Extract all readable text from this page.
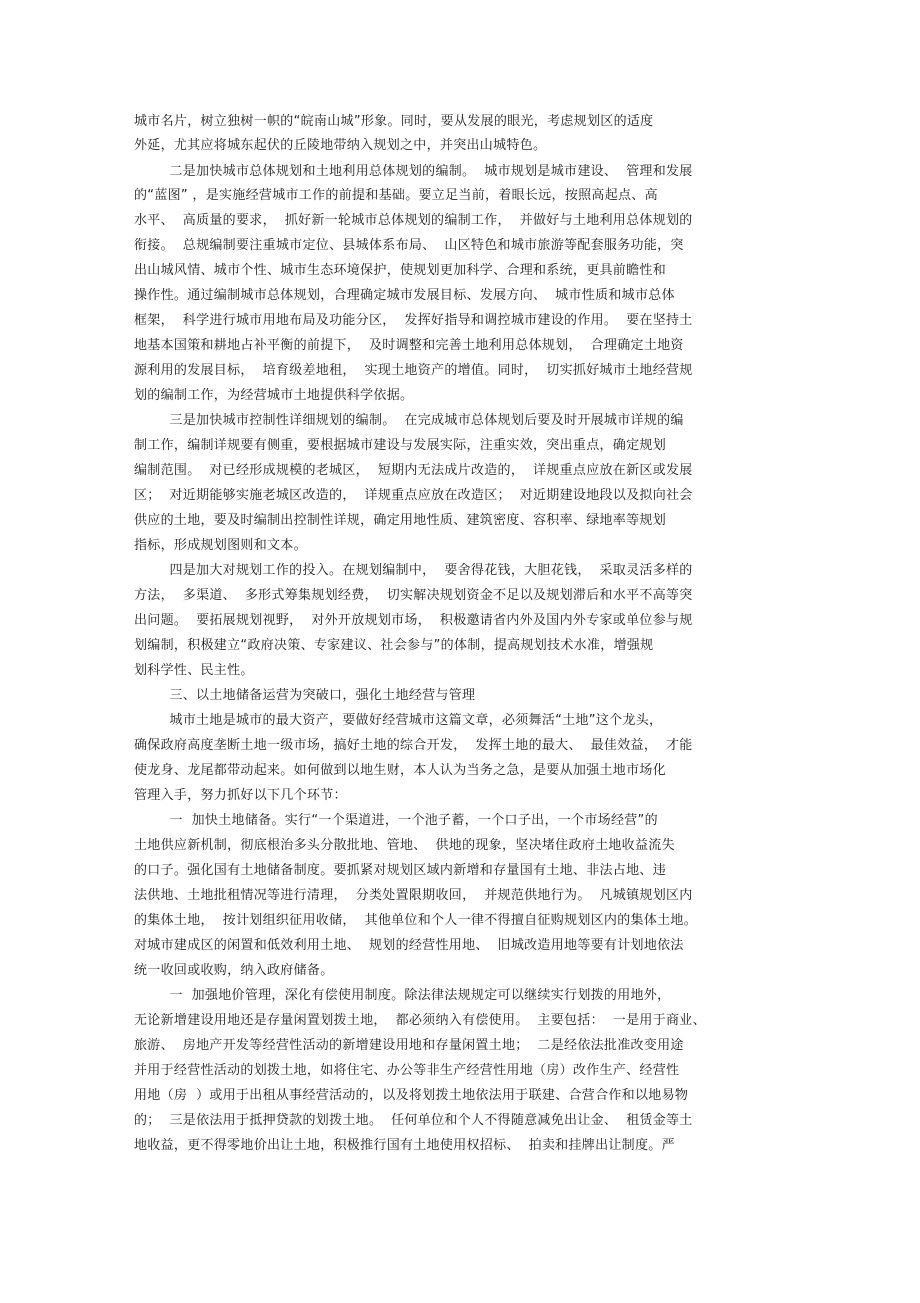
城市名片，树立独树一帜的“皖南山城”形象。同时，要从发展的眼光，考虑规划区的适度
外延，尤其应将城东起伏的丘陵地带纳入规划之中，并突出山城特色。
二是加快城市总体规划和土地利用总体规划的编制。  城市规划是城市建设、  管理和发展
的“蓝图” ，是实施经营城市工作的前提和基础。要立足当前，着眼长远，按照高起点、高
水平、  高质量的要求，  抓好新一轮城市总体规划的编制工作，  并做好与土地利用总体规划的
衔接。  总规编制要注重城市定位、县城体系布局、  山区特色和城市旅游等配套服务功能，突
出山城风情、城市个性、城市生态环境保护，使规划更加科学、合理和系统，更具前瞻性和
操作性。通过编制城市总体规划，合理确定城市发展目标、发展方向、  城市性质和城市总体
框架，  科学进行城市用地布局及功能分区，  发挥好指导和调控城市建设的作用。  要在坚持土
地基本国策和耕地占补平衡的前提下，  及时调整和完善土地利用总体规划，  合理确定土地资
源利用的发展目标，  培育级差地租，  实现土地资产的增值。同时，  切实抓好城市土地经营规
划的编制工作，为经营城市土地提供科学依据。
三是加快城市控制性详细规划的编制。  在完成城市总体规划后要及时开展城市详规的编
制工作，编制详规要有侧重，要根据城市建设与发展实际，注重实效，突出重点，确定规划
编制范围。  对已经形成规模的老城区，  短期内无法成片改造的，  详规重点应放在新区或发展
区；  对近期能够实施老城区改造的，  详规重点应放在改造区；  对近期建设地段以及拟向社会
供应的土地，要及时编制出控制性详规，确定用地性质、建筑密度、容积率、绿地率等规划
指标，形成规划图则和文本。
四是加大对规划工作的投入。在规划编制中，  要舍得花钱，大胆花钱，  采取灵活多样的
方法，  多渠道、  多形式筹集规划经费，  切实解决规划资金不足以及规划滞后和水平不高等突
出问题。  要拓展规划视野，  对外开放规划市场，  积极邀请省内外及国内外专家或单位参与规
划编制，积极建立“政府决策、专家建议、社会参与”的体制，提高规划技术水准，增强规
划科学性、民主性。
三、以土地储备运营为突破口，强化土地经营与管理
城市土地是城市的最大资产，要做好经营城市这篇文章，必须舞活“土地”这个龙头，
确保政府高度垄断土地一级市场，搞好土地的综合开发，  发挥土地的最大、  最佳效益，  才能
使龙身、龙尾都带动起来。如何做到以地生财，本人认为当务之急，是要从加强土地市场化
管理入手，努力抓好以下几个环节：
一  加快土地储备。实行“一个渠道进，一个池子蓄，一个口子出，一个市场经营”的
土地供应新机制，彻底根治多头分散批地、管地、  供地的现象，坚决堵住政府土地收益流失
的口子。强化国有土地储备制度。要抓紧对规划区域内新增和存量国有土地、非法占地、违
法供地、土地批租情况等进行清理，  分类处置限期收回，  并规范供地行为。  凡城镇规划区内
的集体土地，  按计划组织征用收储，  其他单位和个人一律不得擅自征购规划区内的集体土地。
对城市建成区的闲置和低效利用土地、  规划的经营性用地、  旧城改造用地等要有计划地依法
统一收回或收购，纳入政府储备。
一  加强地价管理，深化有偿使用制度。除法律法规规定可以继续实行划拨的用地外，
无论新增建设用地还是存量闲置划拨土地，  都必须纳入有偿使用。  主要包括：  一是用于商业、
旅游、  房地产开发等经营性活动的新增建设用地和存量闲置土地；  二是经依法批准改变用途
并用于经营性活动的划拨土地，如将住宅、办公等非生产经营性用地（房）改作生产、经营性
用地（房  ）或用于出租从事经营活动的，以及将划拨土地依法用于联建、合营合作和以地易物
的；  三是依法用于抵押贷款的划拨土地。  任何单位和个人不得随意减免出让金、  租赁金等土
地收益，更不得零地价出让土地，积极推行国有土地使用权招标、  拍卖和挂牌出让制度。严
